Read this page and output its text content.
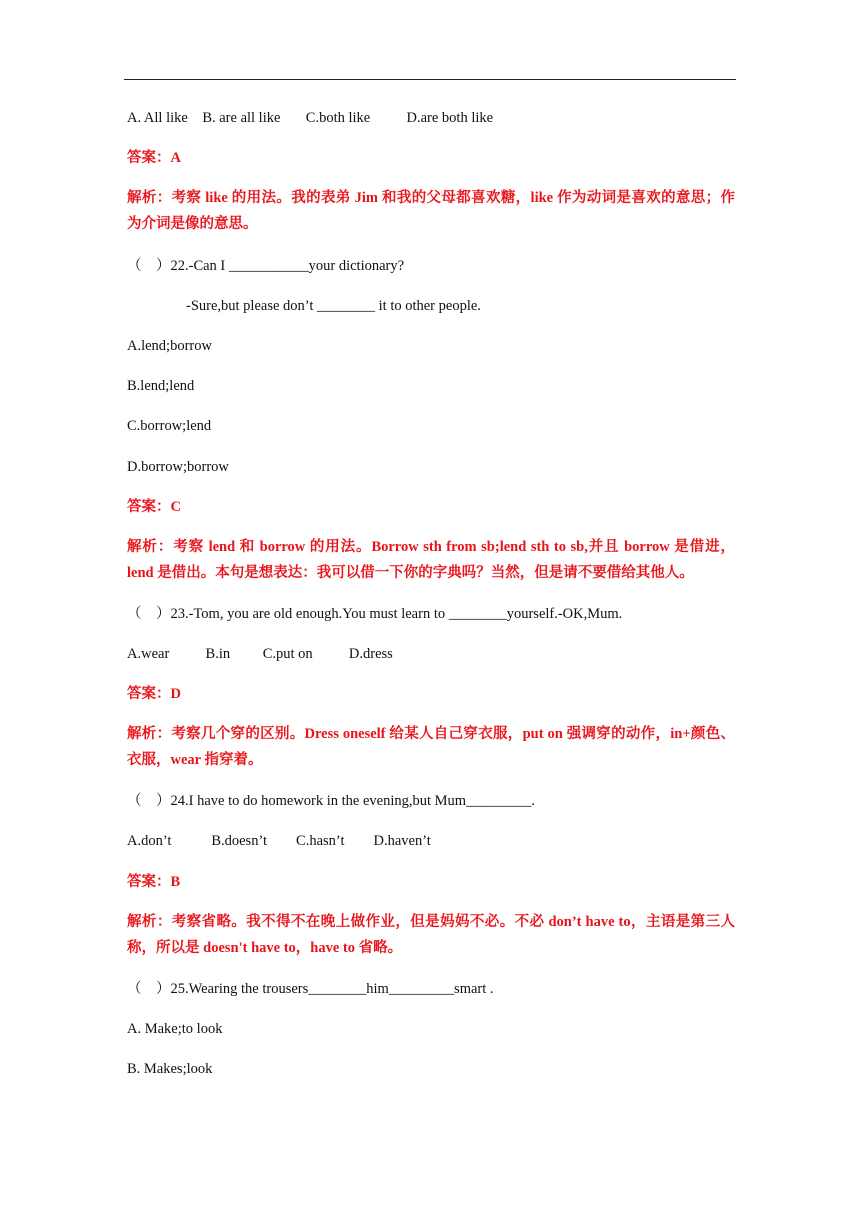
A. All like    B. are all like       C.both like          D.are both like
答案：A
解析：考察 like 的用法。我的表弟 Jim 和我的父母都喜欢糖，like 作为动词是喜欢的意思；作为介词是像的意思。
（    ）22.-Can I ___________your dictionary?
-Sure,but please don’t ________ it to other people.
A.lend;borrow
B.lend;lend
C.borrow;lend
D.borrow;borrow
答案：C
解析：考察 lend 和 borrow 的用法。Borrow sth from sb;lend sth to sb,并且 borrow 是借进，lend 是借出。本句是想表达：我可以借一下你的字典吗？当然，但是请不要借给其他人。
（    ）23.-Tom, you are old enough.You must learn to ________yourself.-OK,Mum.
A.wear          B.in         C.put on          D.dress
答案：D
解析：考察几个穿的区别。Dress oneself 给某人自己穿衣服，put on 强调穿的动作，in+颜色、衣服，wear 指穿着。
（    ）24.I have to do homework in the evening,but Mum_________.
A.don’t           B.doesn’t        C.hasn’t        D.haven’t
答案：B
解析：考察省略。我不得不在晚上做作业，但是妈妈不必。不必 don’t have to，主语是第三人称，所以是 doesn't have to，have to 省略。
（    ）25.Wearing the trousers________him_________smart .
A. Make;to look
B. Makes;look
